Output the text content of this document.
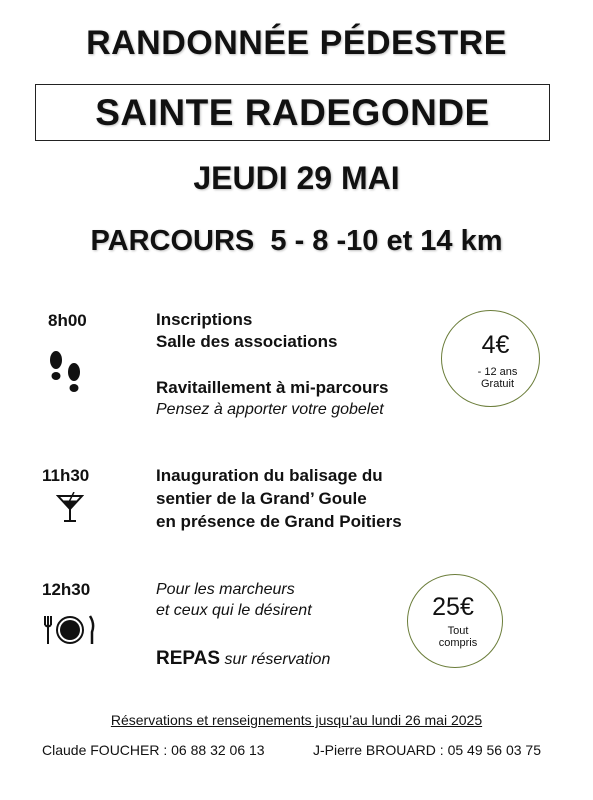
RANDONNÉE PÉDESTRE
SAINTE RADEGONDE
JEUDI 29 MAI
PARCOURS  5 - 8 -10 et 14 km
8h00	Inscriptions
Salle des associations
Ravitaillement à mi-parcours
Pensez à apporter votre gobelet
4€
- 12 ans
Gratuit
11h30	Inauguration du balisage du
sentier de la Grand’ Goule
en présence de Grand Poitiers
12h30	Pour les marcheurs
et ceux qui le désirent
REPAS sur réservation
25€
Tout
compris
Réservations et renseignements jusqu’au lundi 26 mai 2025
Claude FOUCHER : 06 88 32 06 13	J-Pierre BROUARD : 05 49 56 03 75
